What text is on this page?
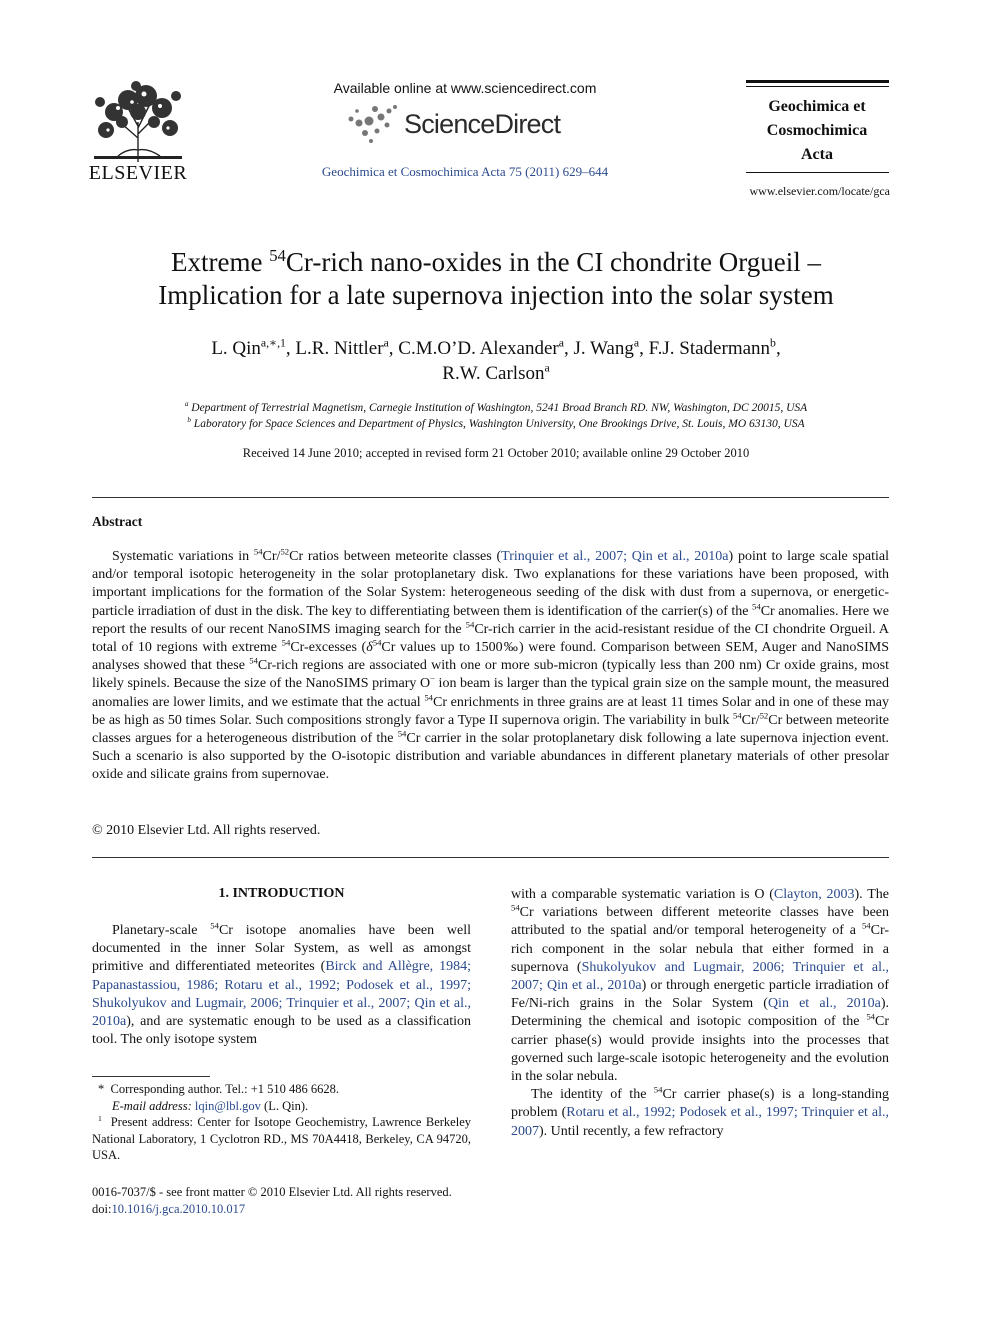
ELSEVIER
Available online at www.sciencedirect.com
ScienceDirect
Geochimica et Cosmochimica Acta 75 (2011) 629–644
Geochimica et
Cosmochimica
Acta
www.elsevier.com/locate/gca
Extreme $^{54}$Cr-rich nano-oxides in the CI chondrite Orgueil –
Implication for a late supernova injection into the solar system
L. Qin$^{a,∗,1}$, L.R. Nittler$^a$, C.M.O’D. Alexander$^a$, J. Wang$^a$, F.J. Stadermann$^b$,
R.W. Carlson$^a$
$^a$ Department of Terrestrial Magnetism, Carnegie Institution of Washington, 5241 Broad Branch RD. NW, Washington, DC 20015, USA
$^b$ Laboratory for Space Sciences and Department of Physics, Washington University, One Brookings Drive, St. Louis, MO 63130, USA
Received 14 June 2010; accepted in revised form 21 October 2010; available online 29 October 2010
Abstract
Systematic variations in $^{54}$Cr/$^{52}$Cr ratios between meteorite classes (Trinquier et al., 2007; Qin et al., 2010a) point to large scale spatial and/or temporal isotopic heterogeneity in the solar protoplanetary disk. Two explanations for these variations have been proposed, with important implications for the formation of the Solar System: heterogeneous seeding of the disk with dust from a supernova, or energetic-particle irradiation of dust in the disk. The key to differentiating between them is identification of the carrier(s) of the $^{54}$Cr anomalies. Here we report the results of our recent NanoSIMS imaging search for the $^{54}$Cr-rich carrier in the acid-resistant residue of the CI chondrite Orgueil. A total of 10 regions with extreme $^{54}$Cr-excesses ($\delta^{54}Cr$ values up to 1500‰) were found. Comparison between SEM, Auger and NanoSIMS analyses showed that these $^{54}$Cr-rich regions are associated with one or more sub-micron (typically less than 200 nm) Cr oxide grains, most likely spinels. Because the size of the NanoSIMS primary O− ion beam is larger than the typical grain size on the sample mount, the measured anomalies are lower limits, and we estimate that the actual $^{54}$Cr enrichments in three grains are at least 11 times Solar and in one of these may be as high as 50 times Solar. Such compositions strongly favor a Type II supernova origin. The variability in bulk $^{54}$Cr/$^{52}$Cr between meteorite classes argues for a heterogeneous distribution of the $^{54}$Cr carrier in the solar protoplanetary disk following a late supernova injection event. Such a scenario is also supported by the O-isotopic distribution and variable abundances in different planetary materials of other presolar oxide and silicate grains from supernovae.
© 2010 Elsevier Ltd. All rights reserved.
1. INTRODUCTION
Planetary-scale $^{54}$Cr isotope anomalies have been well documented in the inner Solar System, as well as amongst primitive and differentiated meteorites (Birck and Allègre, 1984; Papanastassiou, 1986; Rotaru et al., 1992; Podosek et al., 1997; Shukolyukov and Lugmair, 2006; Trinquier et al., 2007; Qin et al., 2010a), and are systematic enough to be used as a classification tool. The only isotope system

* Corresponding author. Tel.: +1 510 486 6628.

E-mail address: lqin@lbl.gov (L. Qin).

$^1$ Present address: Center for Isotope Geochemistry, Lawrence Berkeley National Laboratory, 1 Cyclotron RD., MS 70A4418, Berkeley, CA 94720, USA.

0016-7037/$ - see front matter © 2010 Elsevier Ltd. All rights reserved.
doi:10.1016/j.gca.2010.10.017

with a comparable systematic variation is O (Clayton, 2003). The $^{54}$Cr variations between different meteorite classes have been attributed to the spatial and/or temporal heterogeneity of a $^{54}$Cr-rich component in the solar nebula that either formed in a supernova (Shukolyukov and Lugmair, 2006; Trinquier et al., 2007; Qin et al., 2010a) or through energetic particle irradiation of Fe/Ni-rich grains in the Solar System (Qin et al., 2010a). Determining the chemical and isotopic composition of the $^{54}$Cr carrier phase(s) would provide insights into the processes that governed such large-scale isotopic heterogeneity and the evolution in the solar nebula.

The identity of the $^{54}$Cr carrier phase(s) is a long-standing problem (Rotaru et al., 1992; Podosek et al., 1997; Trinquier et al., 2007). Until recently, a few refractory
